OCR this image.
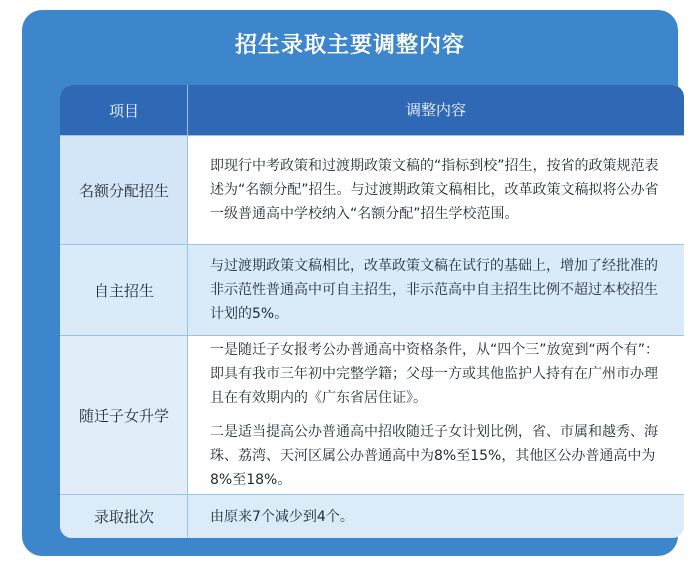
招生录取主要调整内容
项目	调整内容
名额分配招生
即现行中考政策和过渡期政策文稿的“指标到校”招生，按省的政策规范表述为“名额分配”招生。与过渡期政策文稿相比，改革政策文稿拟将公办省一级普通高中学校纳入“名额分配”招生学校范围。
自主招生
与过渡期政策文稿相比，改革政策文稿在试行的基础上，增加了经批准的非示范性普通高中可自主招生，非示范高中自主招生比例不超过本校招生计划的5%。
随迁子女升学
一是随迁子女报考公办普通高中资格条件，从“四个三”放宽到“两个有”：即具有我市三年初中完整学籍；父母一方或其他监护人持有在广州市办理且在有效期内的《广东省居住证》。
二是适当提高公办普通高中招收随迁子女计划比例，省、市属和越秀、海珠、荔湾、天河区属公办普通高中为8%至15%，其他区公办普通高中为8%至18%。
录取批次	由原来7个减少到4个。
